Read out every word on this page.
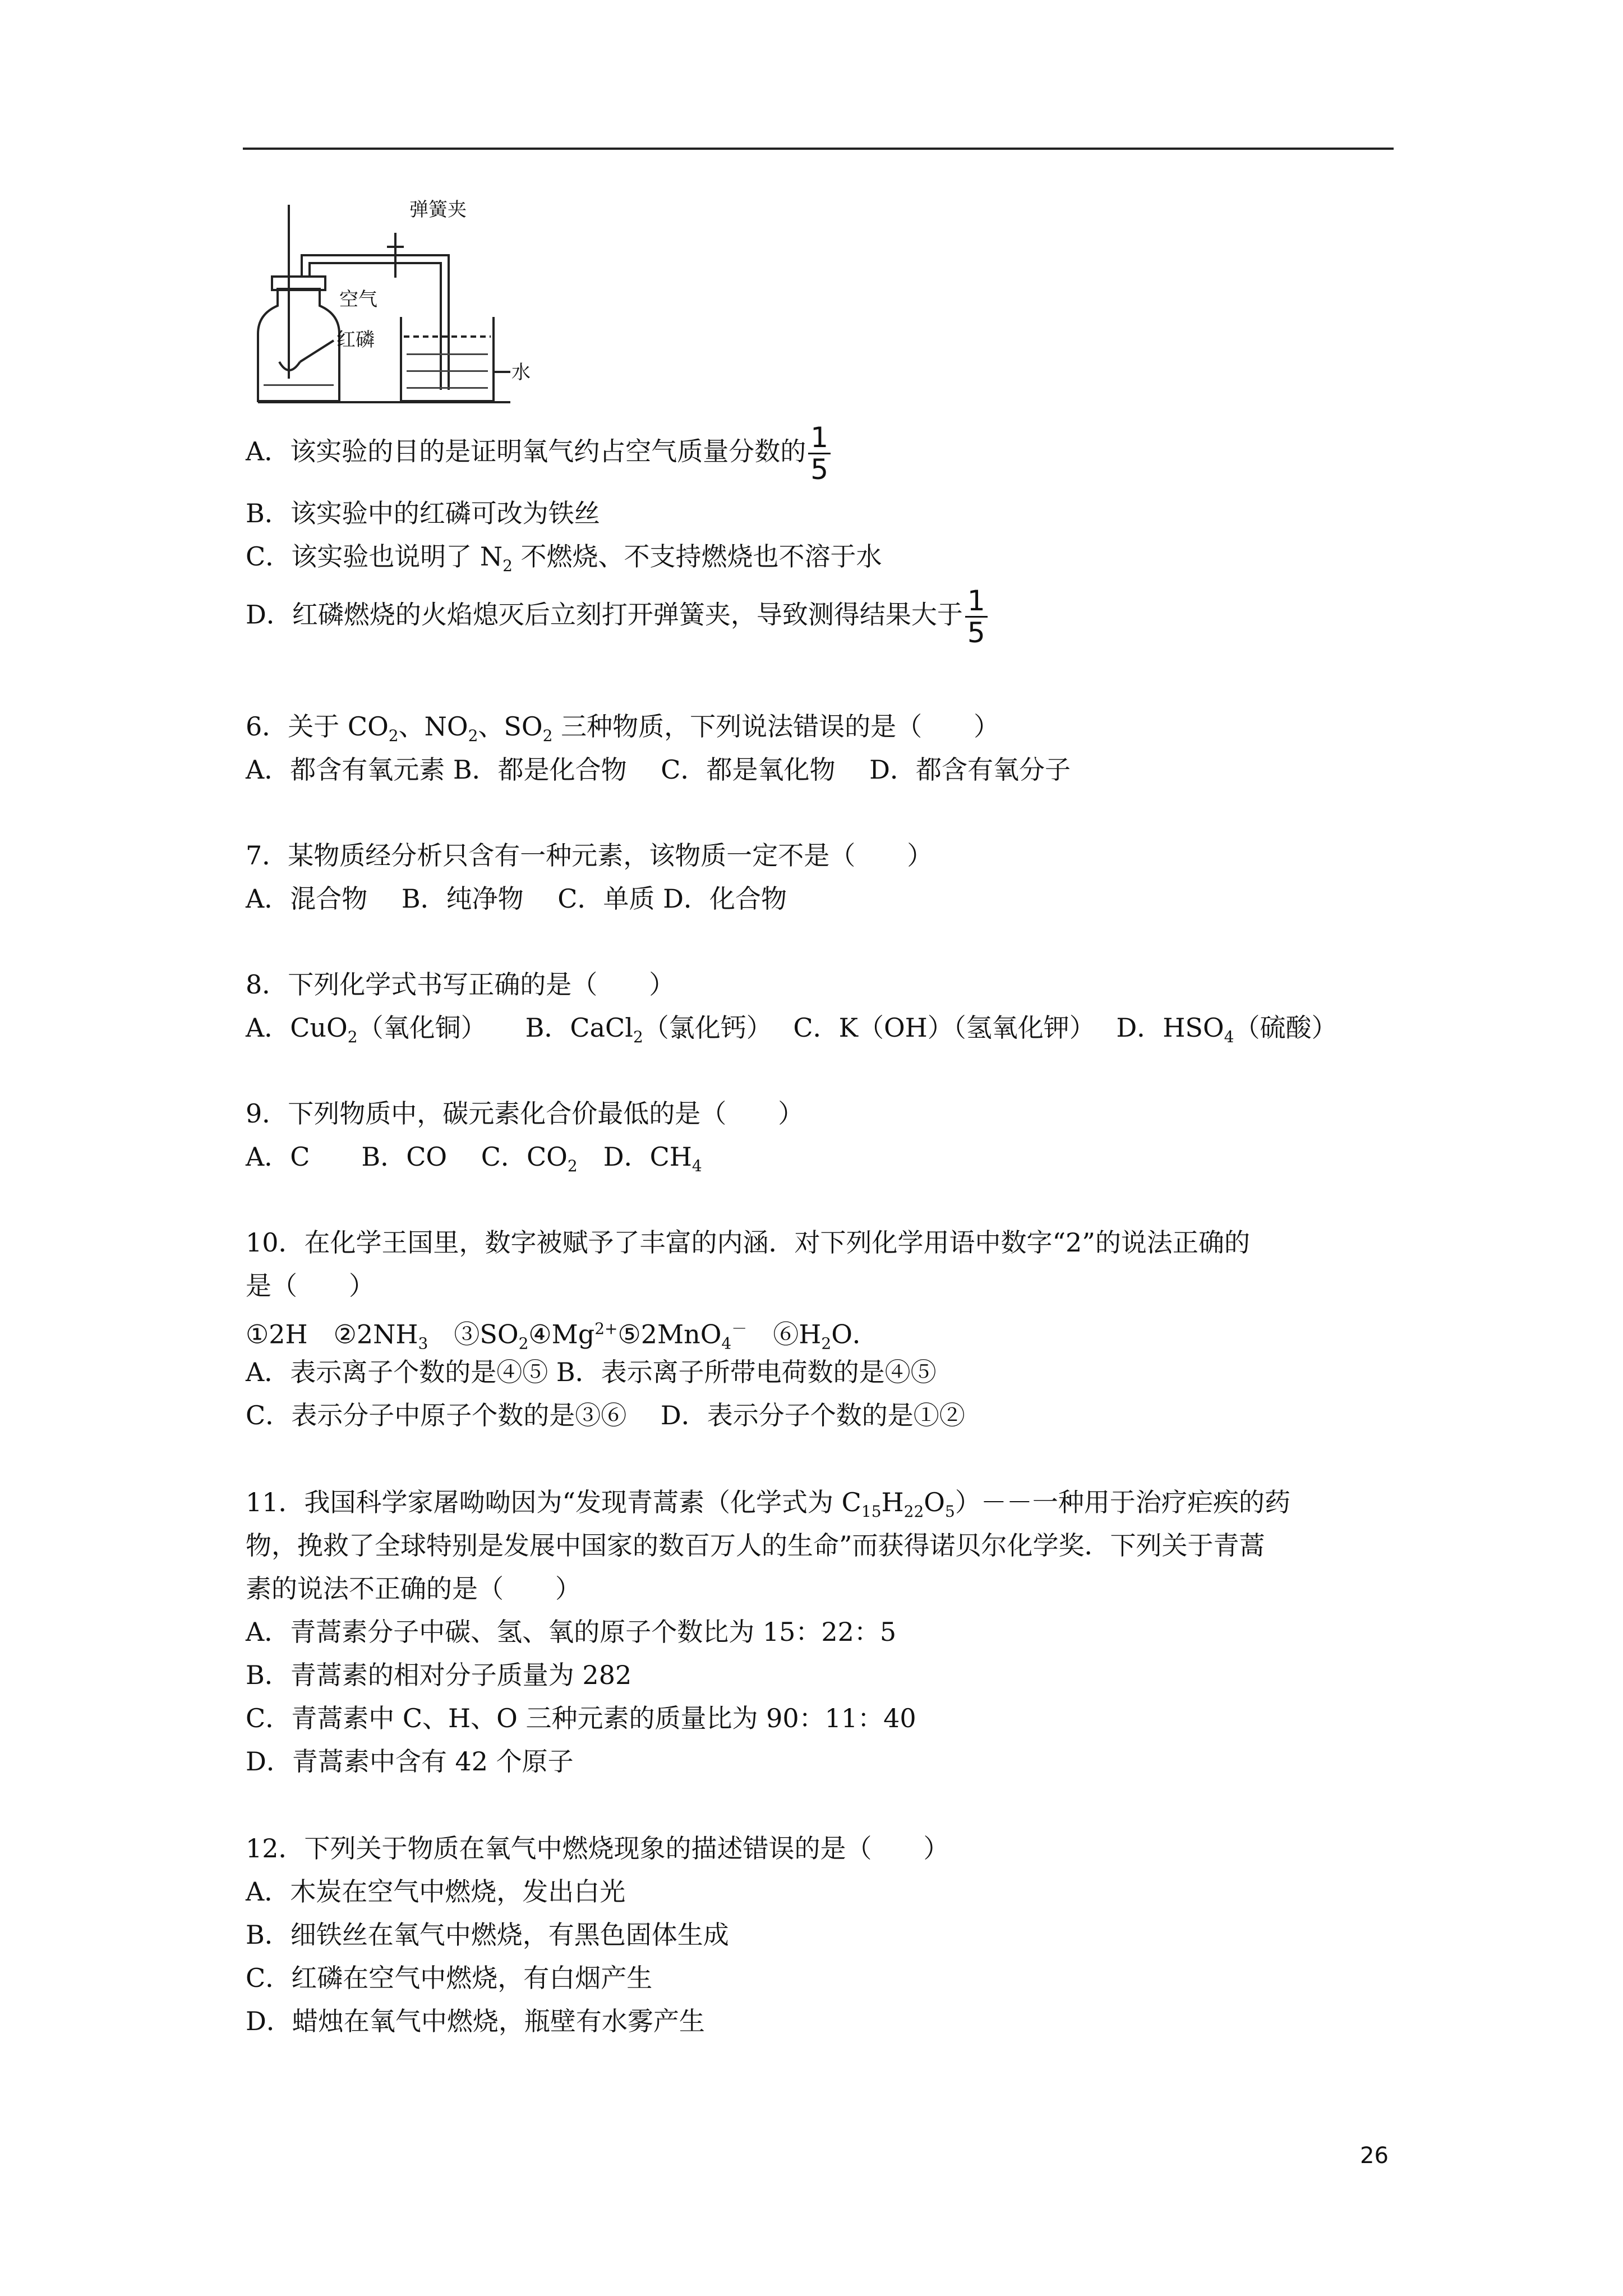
弹簧夹
空气
红磷
水
A．该实验的目的是证明氧气约占空气质量分数的 $\frac{1}{5}$
B．该实验中的红磷可改为铁丝
C．该实验也说明了 $N_2$ 不燃烧、不支持燃烧也不溶于水
D．红磷燃烧的火焰熄灭后立刻打开弹簧夹，导致测得结果大于 $\frac{1}{5}$
6．关于 $CO_2$、$NO_2$、$SO_2$ 三种物质，下列说法错误的是（　　）
A．都含有氧元素 B．都是化合物　 C．都是氧化物　 D．都含有氧分子
7．某物质经分析只含有一种元素，该物质一定不是（　　）
A．混合物　 B．纯净物　 C．单质 D．化合物
8．下列化学式书写正确的是（　　）
A．CuO$_2$（氧化铜）　　B．CaCl$_2$（氯化钙）　 C．K（OH）（氢氧化钾）　 D．$HSO_4$（硫酸）
9．下列物质中，碳元素化合价最低的是（　　）
A．C　　B．CO　 C．$CO_2$　D．$CH_4$
10．在化学王国里，数字被赋予了丰富的内涵．对下列化学用语中数字“2”的说法正确的
是（　　）
①2H　$②2NH_3$　$③SO_2④Mg^{2+}⑤2MnO_4^-$　$⑥H_2O$．
A．表示离子个数的是④⑤ B．表示离子所带电荷数的是④⑤
C．表示分子中原子个数的是③⑥　 D．表示分子个数的是①②
11．我国科学家屠呦呦因为“发现青蒿素（化学式为 $C_{15}H_{22}O_5)--$一种用于治疗疟疾的药
物，挽救了全球特别是发展中国家的数百万人的生命”而获得诺贝尔化学奖．下列关于青蒿
素的说法不正确的是（　　）
A．青蒿素分子中碳、氢、氧的原子个数比为 15：22：5
B．青蒿素的相对分子质量为 282
C．青蒿素中 C、H、O 三种元素的质量比为 90：11：40
D．青蒿素中含有 42 个原子
12．下列关于物质在氧气中燃烧现象的描述错误的是（　　）
A．木炭在空气中燃烧，发出白光
B．细铁丝在氧气中燃烧，有黑色固体生成
C．红磷在空气中燃烧，有白烟产生
D．蜡烛在氧气中燃烧，瓶壁有水雾产生
26
